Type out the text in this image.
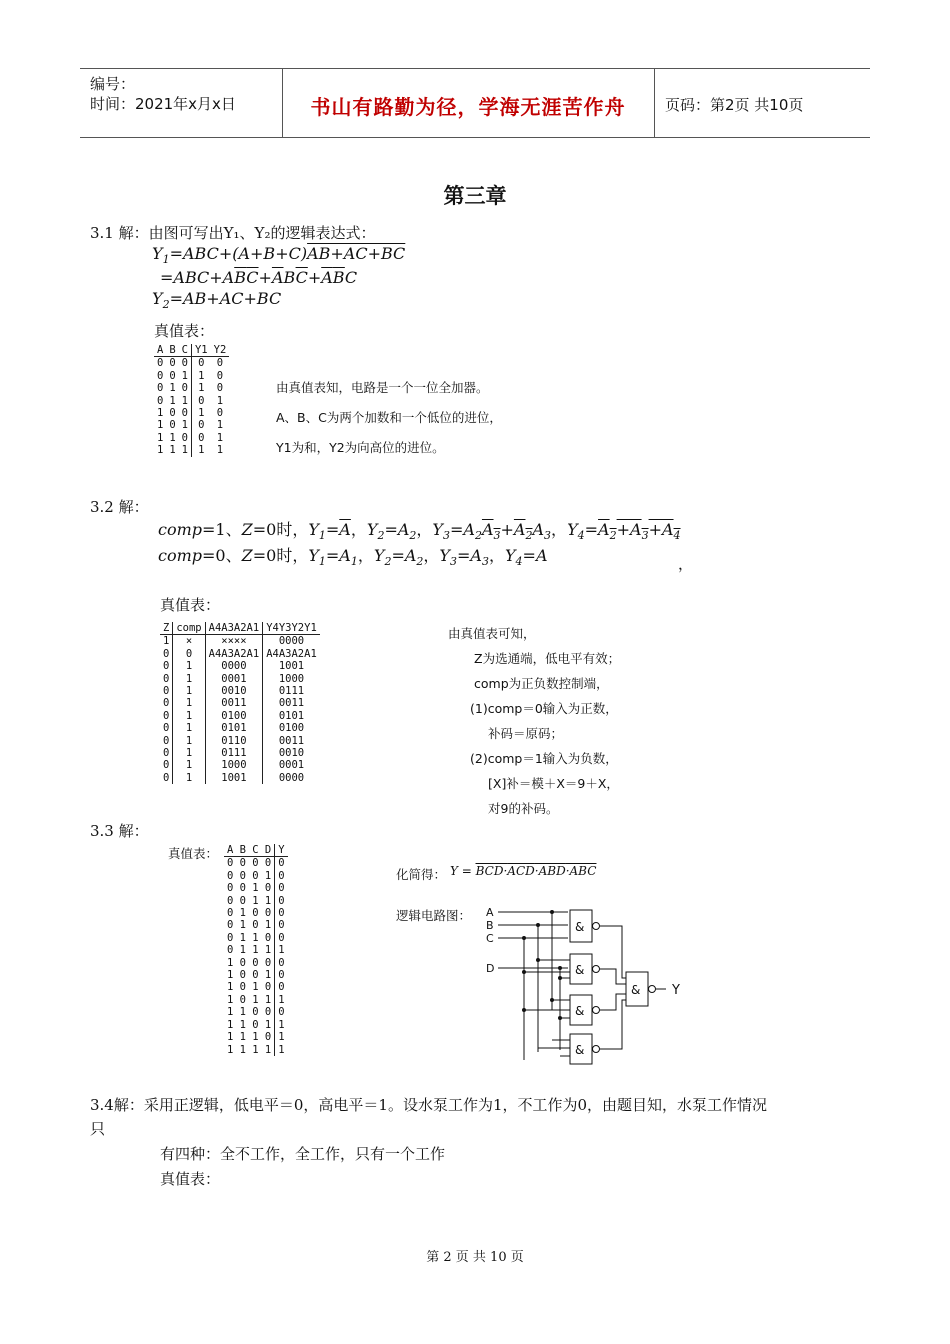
编号：
时间：2021年x月x日	书山有路勤为径，学海无涯苦作舟	页码：第2页 共10页
第三章
3.1 解：由图可写出Y₁、Y₂的逻辑表达式：
$Y_1=ABC+(A+B+C)AB+AC+BC$
$=ABC+A\overline{B}\overline{C}+\overline{A}B\overline{C}+\overline{A}\overline{B}C$
$Y_2=AB+AC+BC$
真值表：
A	B	C	Y1	Y2
0	0	0	0	0
0	0	1	1	0
0	1	0	1	0
0	1	1	0	1
1	0	0	1	0
1	0	1	0	1
1	1	0	0	1
1	1	1	1	1
由真值表知，电路是一个一位全加器。
A、B、C为两个加数和一个低位的进位，
Y1为和，Y2为向高位的进位。
3.2 解：
comp=1、Z=0时，$Y_1=\overline{A}$，$Y_2=A_2$，$Y_3=A_2A_3+A_2A_3$，$Y_4=A_2+A_3+A_4$
comp=0、Z=0时，$Y_1=A_1$，$Y_2=A_2$，$Y_3=A_3$，$Y_4=A$	，
真值表：
Z	comp	A4A3A2A1	Y4Y3Y2Y1
1	×	××××	0000
0	0	A4A3A2A1	A4A3A2A1
0	1	0000	1001
0	1	0001	1000
0	1	0010	0111
0	1	0011	0011
0	1	0100	0101
0	1	0101	0100
0	1	0110	0011
0	1	0111	0010
0	1	1000	0001
0	1	1001	0000
由真值表可知，
Z为选通端，低电平有效；
comp为正负数控制端，
(1)comp＝0输入为正数，
补码＝原码；
(2)comp＝1输入为负数，
[X]补＝模＋X＝9＋X，
对9的补码。
3.3 解：
真值表： A B C D	Y
0 0 0 0	0
0 0 0 1	0
0 0 1 0	0
0 0 1 1	0
0 1 0 0	0
0 1 0 1	0
0 1 1 0	0
0 1 1 1	1
1 0 0 0	0
1 0 0 1	0
1 0 1 0	0
1 0 1 1	1
1 1 0 0	0
1 1 0 1	1
1 1 1 0	1
1 1 1 1	1
化简得： Y = BCD·ACD·ABD·ABC
逻辑电路图： A
B
C
D
&
&
&
&
& Y
3.4解：采用正逻辑，低电平＝0，高电平＝1。设水泵工作为1，不工作为0，由题目知，水泵工作情况
只
有四种：全不工作，全工作，只有一个工作
真值表：
第 2 页 共 10 页
